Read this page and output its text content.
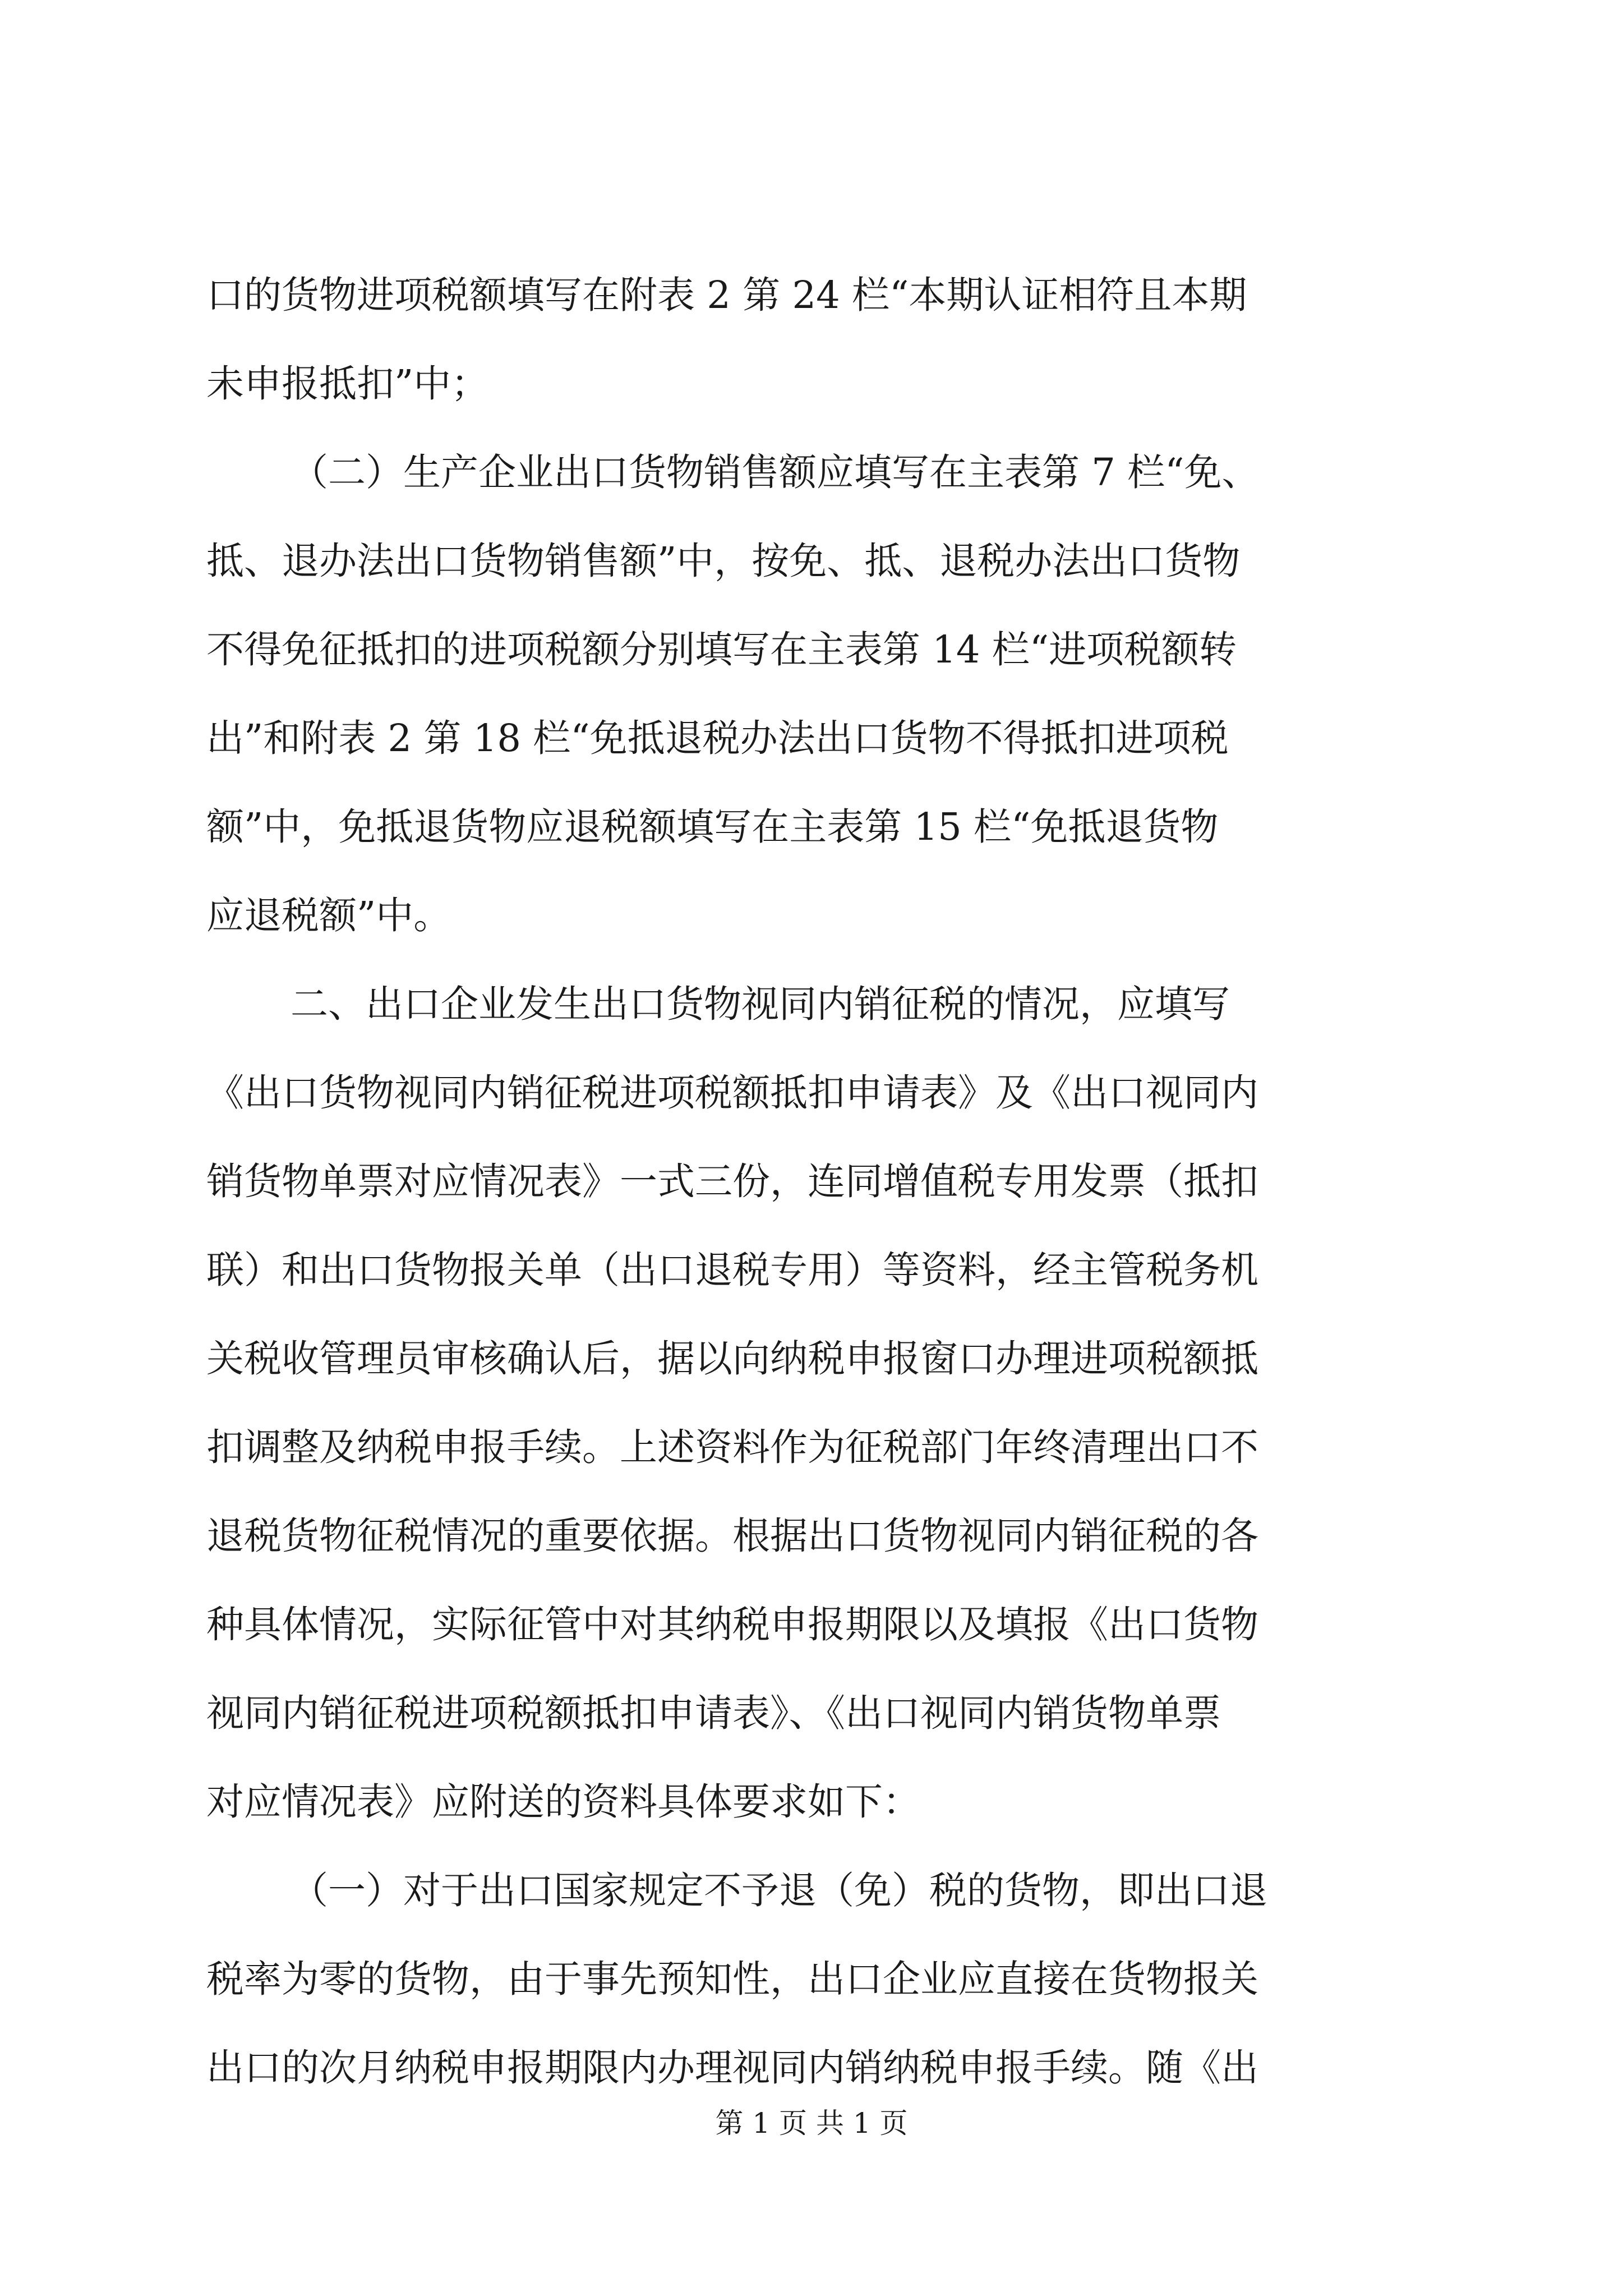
口的货物进项税额填写在附表 2 第 24 栏“本期认证相符且本期
未申报抵扣”中；
（二）生产企业出口货物销售额应填写在主表第 7 栏“免、
抵、退办法出口货物销售额”中，按免、抵、退税办法出口货物
不得免征抵扣的进项税额分别填写在主表第 14 栏“进项税额转
出”和附表 2 第 18 栏“免抵退税办法出口货物不得抵扣进项税
额”中，免抵退货物应退税额填写在主表第 15 栏“免抵退货物
应退税额”中。
二、出口企业发生出口货物视同内销征税的情况，应填写
《出口货物视同内销征税进项税额抵扣申请表》及《出口视同内
销货物单票对应情况表》一式三份，连同增值税专用发票（抵扣
联）和出口货物报关单（出口退税专用）等资料，经主管税务机
关税收管理员审核确认后，据以向纳税申报窗口办理进项税额抵
扣调整及纳税申报手续。上述资料作为征税部门年终清理出口不
退税货物征税情况的重要依据。根据出口货物视同内销征税的各
种具体情况，实际征管中对其纳税申报期限以及填报《出口货物
视同内销征税进项税额抵扣申请表》、《出口视同内销货物单票
对应情况表》应附送的资料具体要求如下：
（一）对于出口国家规定不予退（免）税的货物，即出口退
税率为零的货物，由于事先预知性，出口企业应直接在货物报关
出口的次月纳税申报期限内办理视同内销纳税申报手续。随《出
第 1 页 共 1 页
